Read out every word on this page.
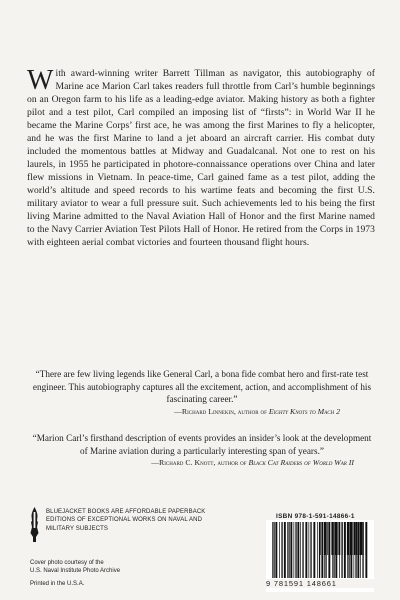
With award-winning writer Barrett Tillman as navigator, this autobiography of Marine ace Marion Carl takes readers full throttle from Carl’s humble beginnings on an Oregon farm to his life as a leading-edge aviator. Making history as both a fighter pilot and a test pilot, Carl compiled an imposing list of “firsts”: in World War II he became the Marine Corps’ first ace, he was among the first Marines to fly a helicopter, and he was the first Marine to land a jet aboard an aircraft carrier. His combat duty included the momentous battles at Midway and Guadalcanal. Not one to rest on his laurels, in 1955 he participated in photore-connaissance operations over China and later flew missions in Vietnam. In peace-time, Carl gained fame as a test pilot, adding the world’s altitude and speed records to his wartime feats and becoming the first U.S. military aviator to wear a full pressure suit. Such achievements led to his being the first living Marine admitted to the Naval Aviation Hall of Honor and the first Marine named to the Navy Carrier Aviation Test Pilots Hall of Honor. He retired from the Corps in 1973 with eighteen aerial combat victories and fourteen thousand flight hours.

“There are few living legends like General Carl, a bona fide combat hero and first-rate test engineer. This autobiography captures all the excitement, action, and accomplishment of his fascinating career.”

—Richard Linnekin, author of Eighty Knots to Mach 2

“Marion Carl’s firsthand description of events provides an insider’s look at the development of Marine aviation during a particularly interesting span of years.”

—Richard C. Knott, author of Black Cat Raiders of World War II

BLUEJACKET BOOKS ARE AFFORDABLE PAPERBACK EDITIONS OF EXCEPTIONAL WORKS ON NAVAL AND MILITARY SUBJECTS
Cover photo courtesy of the
U.S. Naval Institute Photo Archive
Printed in the U.S.A.
ISBN 978-1-591-14866-1
9 781591 148661
